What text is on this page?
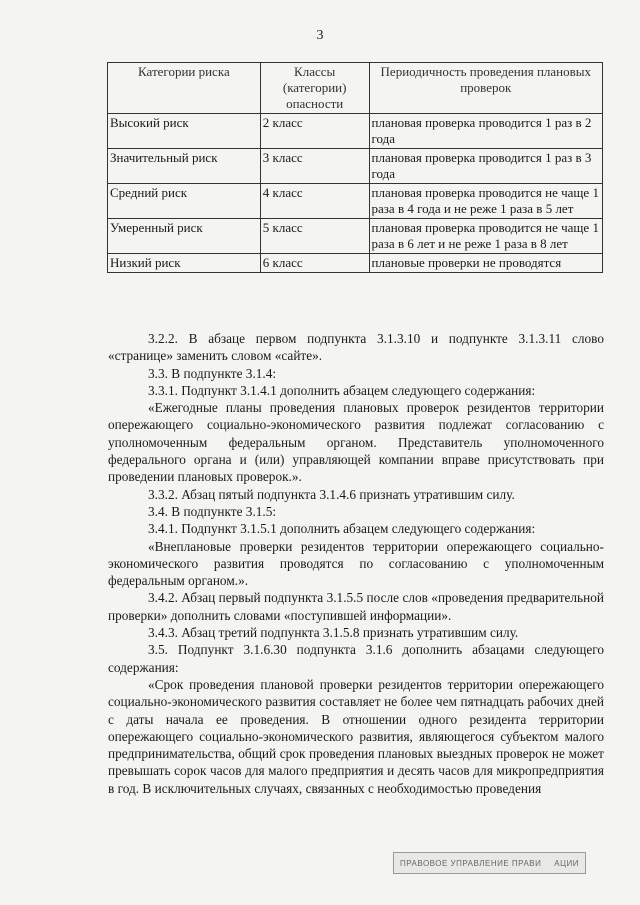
3
Категории риска	Классы (категории) опасности	Периодичность проведения плановых проверок
Высокий риск	2 класс	плановая проверка проводится 1 раз в 2 года
Значительный риск	3 класс	плановая проверка проводится 1 раз в 3 года
Средний риск	4 класс	плановая проверка проводится не чаще 1 раза в 4 года и не реже 1 раза в 5 лет
Умеренный риск	5 класс	плановая проверка проводится не чаще 1 раза в 6 лет и не реже 1 раза в 8 лет
Низкий риск	6 класс	плановые проверки не проводятся

3.2.2. В абзаце первом подпункта 3.1.3.10 и подпункте 3.1.3.11 слово «странице» заменить словом «сайте».

3.3. В подпункте 3.1.4:

3.3.1. Подпункт 3.1.4.1 дополнить абзацем следующего содержания:

«Ежегодные планы проведения плановых проверок резидентов территории опережающего социально-экономического развития подлежат согласованию с уполномоченным федеральным органом. Представитель уполномоченного федерального органа и (или) управляющей компании вправе присутствовать при проведении плановых проверок.».

3.3.2. Абзац пятый подпункта 3.1.4.6 признать утратившим силу.

3.4. В подпункте 3.1.5:

3.4.1. Подпункт 3.1.5.1 дополнить абзацем следующего содержания:

«Внеплановые проверки резидентов территории опережающего социально-экономического развития проводятся по согласованию с уполномоченным федеральным органом.».

3.4.2. Абзац первый подпункта 3.1.5.5 после слов «проведения предварительной проверки» дополнить словами «поступившей информации».

3.4.3. Абзац третий подпункта 3.1.5.8 признать утратившим силу.

3.5. Подпункт 3.1.6.30 подпункта 3.1.6 дополнить абзацами следующего содержания:

«Срок проведения плановой проверки резидентов территории опережающего социально-экономического развития составляет не более чем пятнадцать рабочих дней с даты начала ее проведения. В отношении одного резидента территории опережающего социально-экономического развития, являющегося субъектом малого предпринимательства, общий срок проведения плановых выездных проверок не может превышать сорок часов для малого предприятия и десять часов для микропредприятия в год. В исключительных случаях, связанных с необходимостью проведения

ПРАВОВОЕ УПРАВЛЕНИЕ ПРАВИ АЦИИ
